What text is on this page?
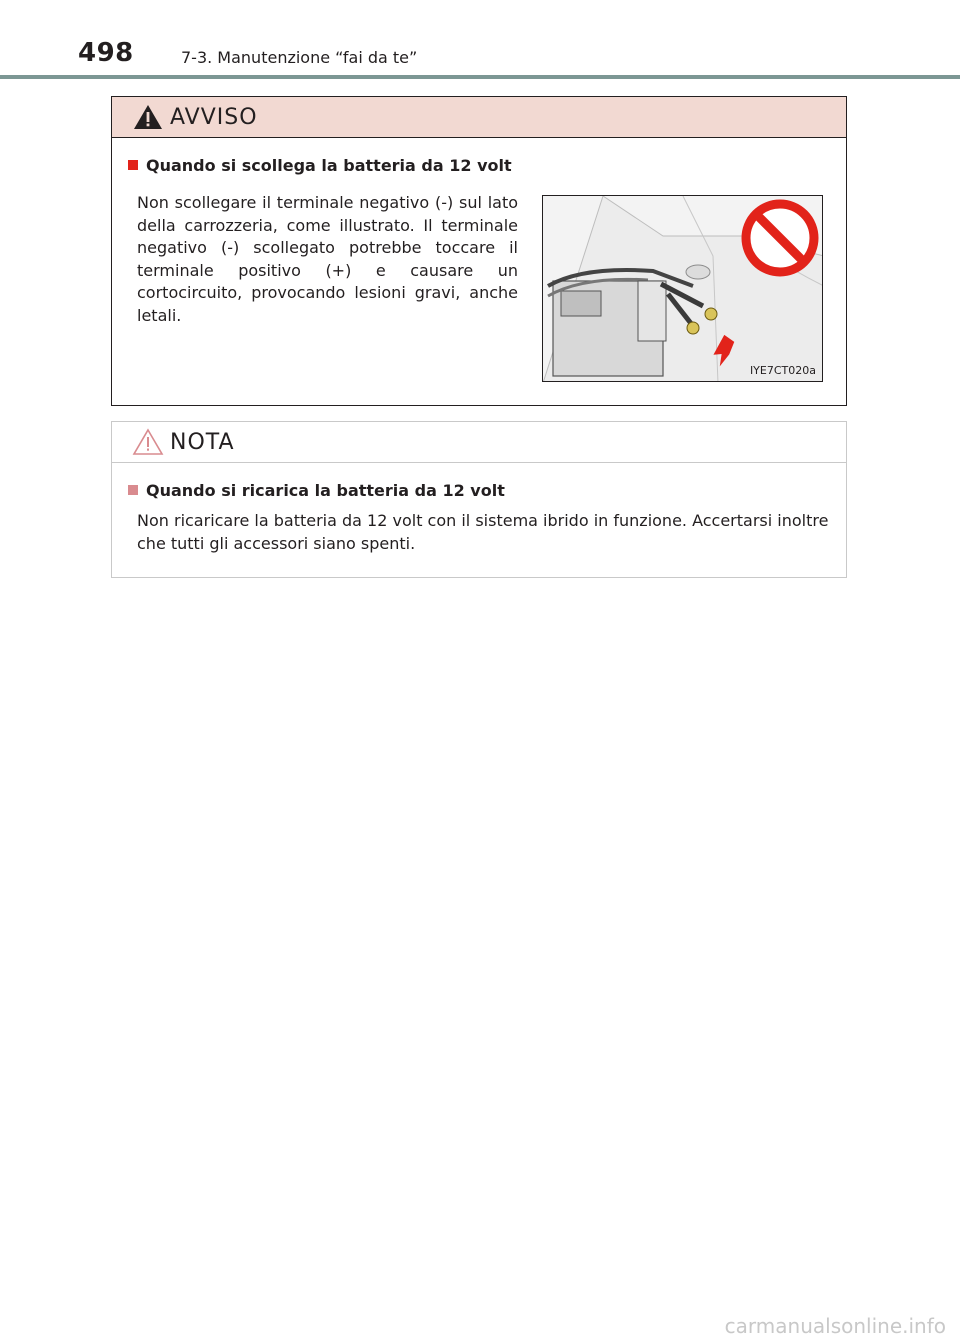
498	7-3. Manutenzione “fai da te”
AVVISO
Quando si scollega la batteria da 12 volt
Non scollegare il terminale negativo (-) sul lato della carrozzeria, come illustrato. Il terminale negativo (-) scollegato potrebbe toccare il terminale positivo (+) e causare un cortocircuito, provocando lesioni gravi, anche letali.
IYE7CT020a
NOTA
Quando si ricarica la batteria da 12 volt
Non ricaricare la batteria da 12 volt con il sistema ibrido in funzione. Accertarsi inoltre che tutti gli accessori siano spenti.
carmanualsonline.info
